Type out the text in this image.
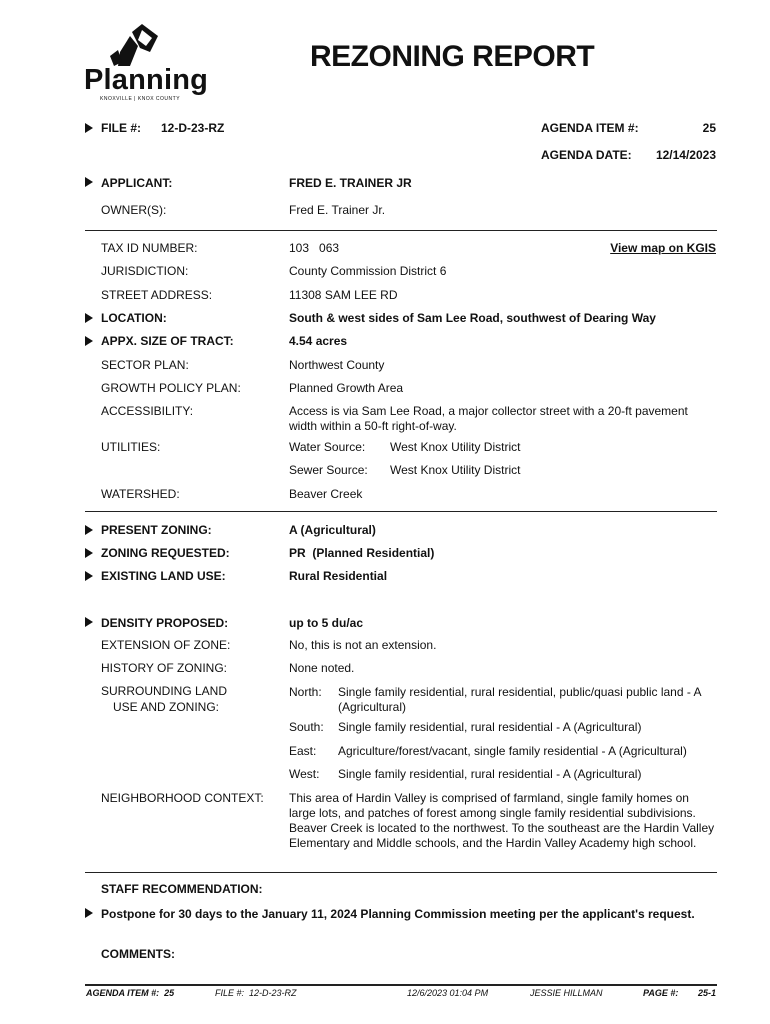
Planning
KNOXVILLE | KNOX COUNTY
REZONING REPORT
FILE #: 12-D-23-RZ	AGENDA ITEM #:	25
AGENDA DATE: 12/14/2023
APPLICANT:	FRED E. TRAINER JR
OWNER(S):	Fred E. Trainer Jr.
TAX ID NUMBER:	103   063	View map on KGIS
JURISDICTION:	County Commission District 6
STREET ADDRESS:	11308 SAM LEE RD
LOCATION:	South & west sides of Sam Lee Road, southwest of Dearing Way
APPX. SIZE OF TRACT:	4.54 acres
SECTOR PLAN:	Northwest County
GROWTH POLICY PLAN:	Planned Growth Area
ACCESSIBILITY:	Access is via Sam Lee Road, a major collector street with a 20-ft pavement width within a 50-ft right-of-way.
UTILITIES:	Water Source: West Knox Utility District
Sewer Source: West Knox Utility District
WATERSHED:	Beaver Creek
PRESENT ZONING:	A (Agricultural)
ZONING REQUESTED:	PR  (Planned Residential)
EXISTING LAND USE:	Rural Residential
DENSITY PROPOSED:	up to 5 du/ac
EXTENSION OF ZONE:	No, this is not an extension.
HISTORY OF ZONING:	None noted.
SURROUNDING LAND
USE AND ZONING:
North: Single family residential, rural residential, public/quasi public land - A (Agricultural)
South: Single family residential, rural residential - A (Agricultural)
East: Agriculture/forest/vacant, single family residential - A (Agricultural)
West: Single family residential, rural residential - A (Agricultural)
NEIGHBORHOOD CONTEXT: This area of Hardin Valley is comprised of farmland, single family homes on large lots, and patches of forest among single family residential subdivisions. Beaver Creek is located to the northwest. To the southeast are the Hardin Valley Elementary and Middle schools, and the Hardin Valley Academy high school.
STAFF RECOMMENDATION:
Postpone for 30 days to the January 11, 2024 Planning Commission meeting per the applicant's request.
COMMENTS:
AGENDA ITEM #:  25	FILE #:  12-D-23-RZ	12/6/2023 01:04 PM	JESSIE HILLMAN	PAGE #: 25-1
